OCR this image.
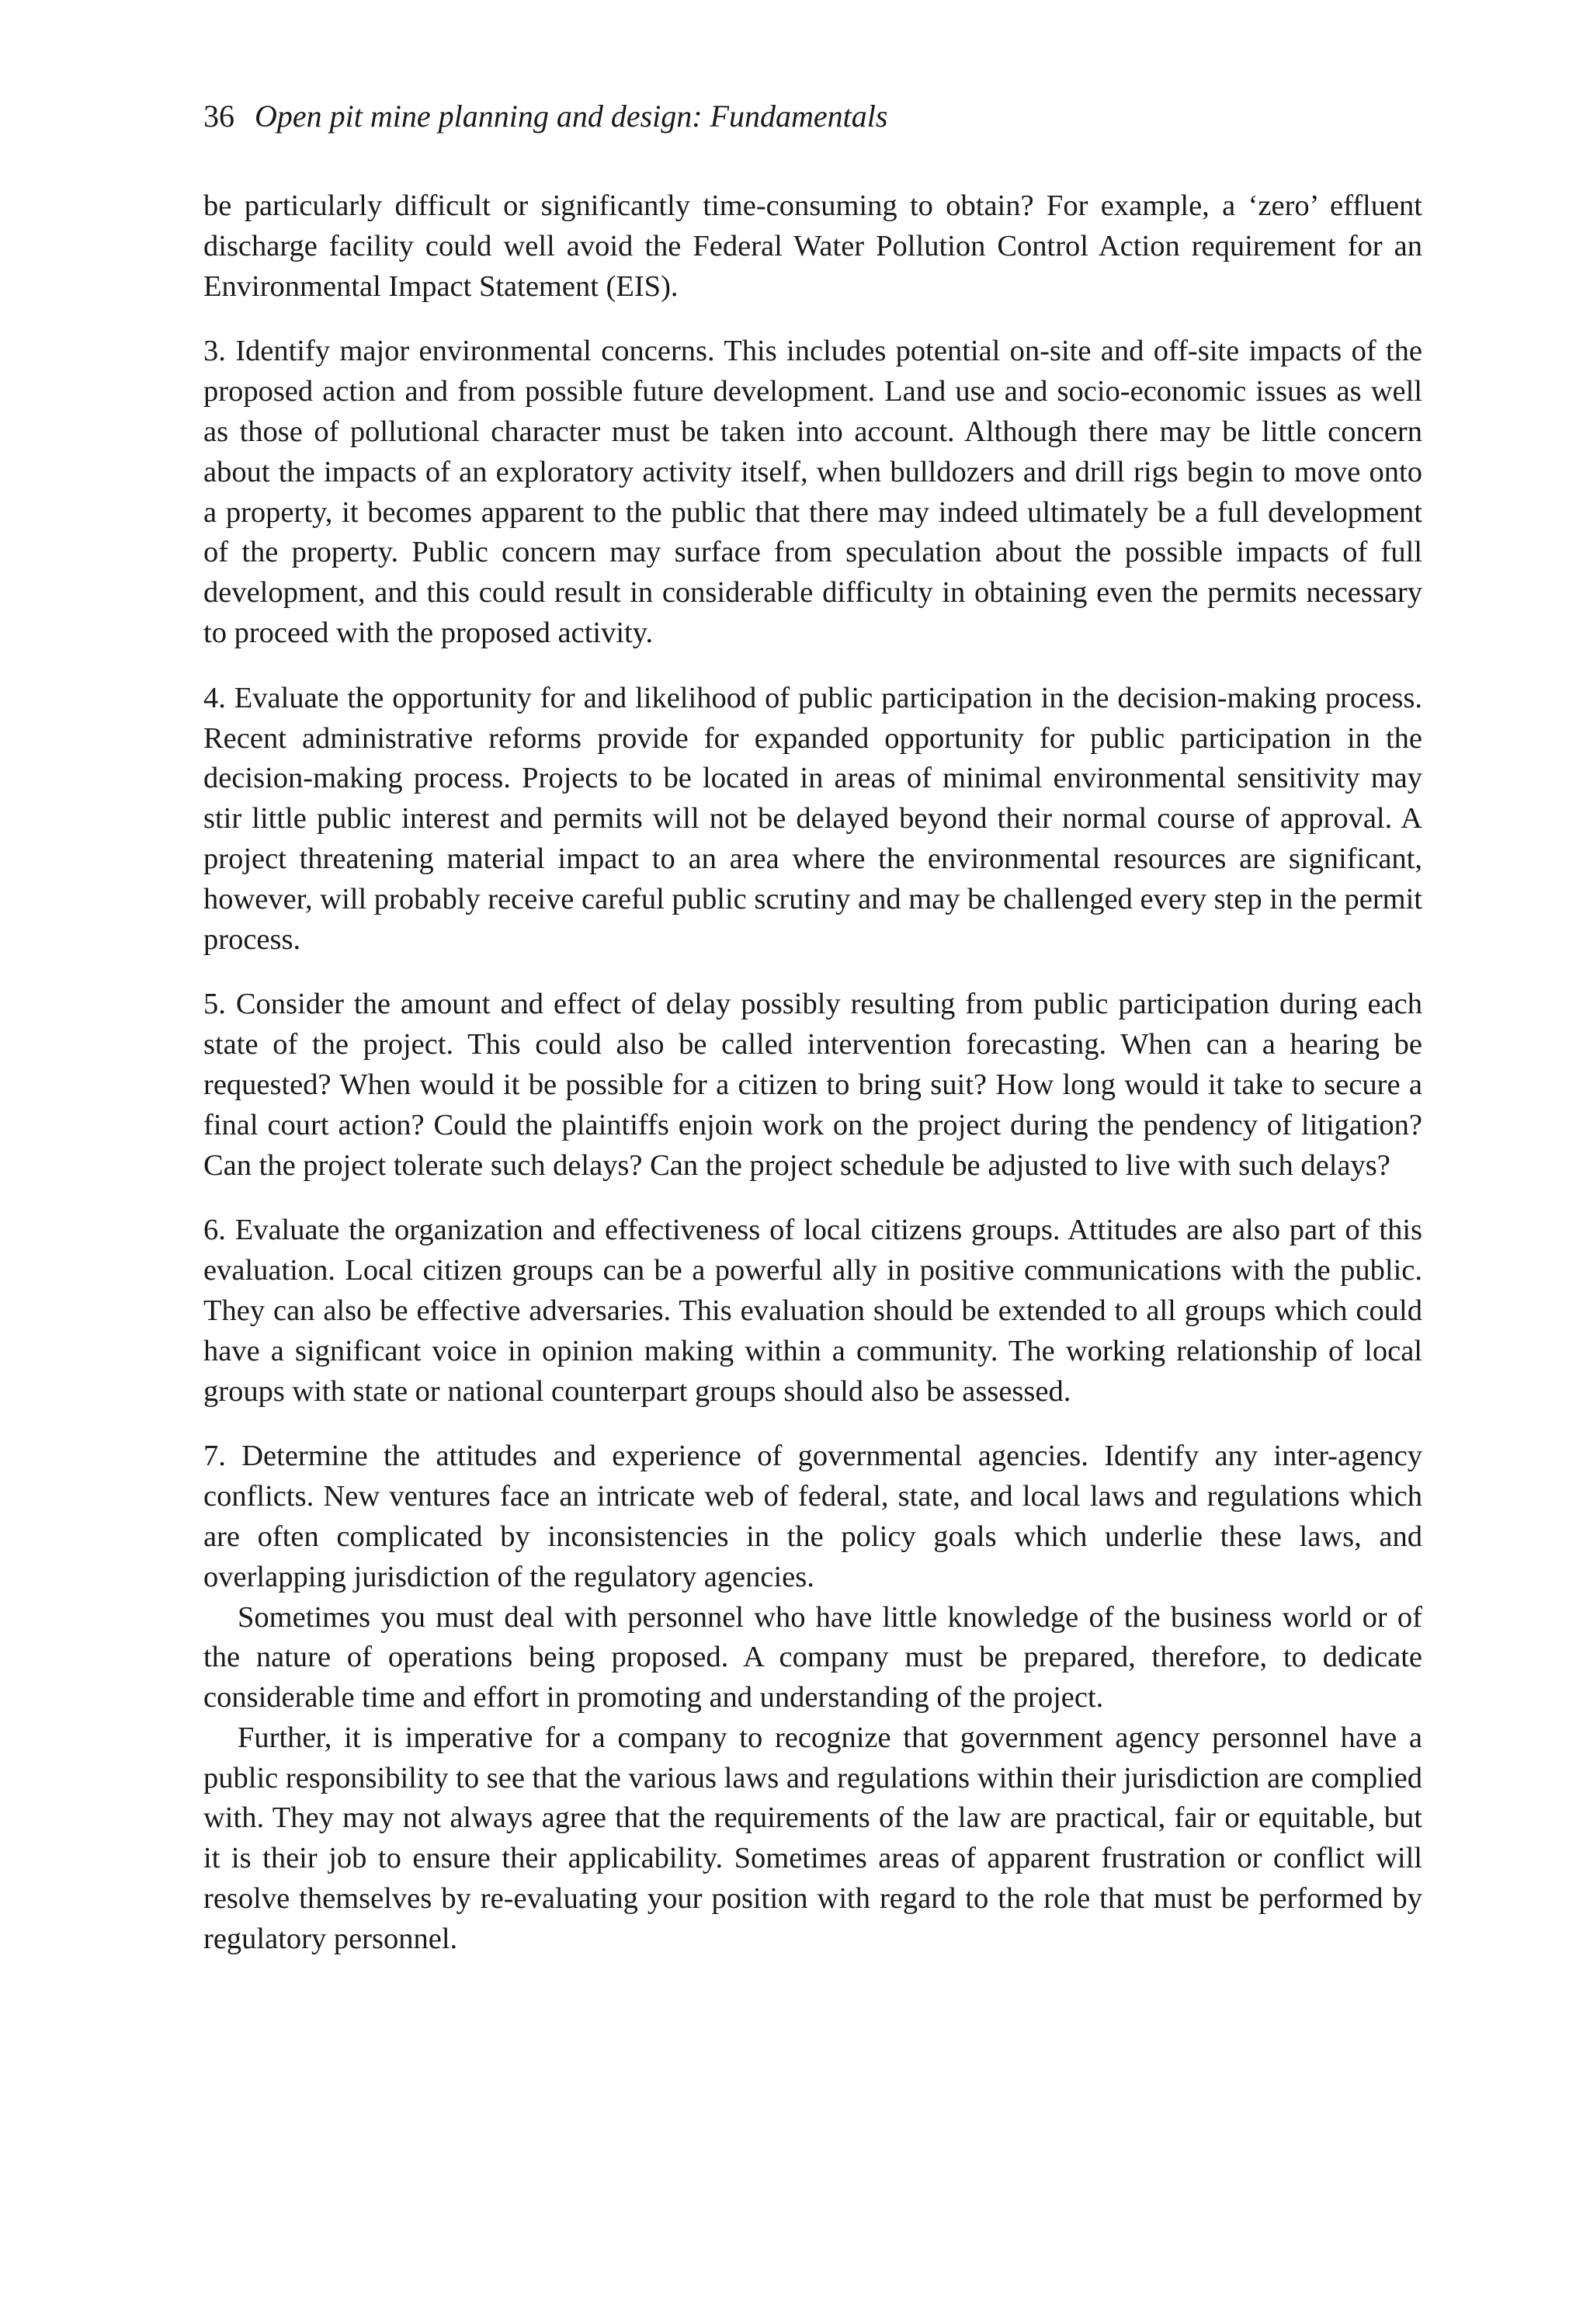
36 Open pit mine planning and design: Fundamentals

be particularly difficult or significantly time-consuming to obtain? For example, a ‘zero’ effluent discharge facility could well avoid the Federal Water Pollution Control Action requirement for an Environmental Impact Statement (EIS).

3. Identify major environmental concerns. This includes potential on-site and off-site impacts of the proposed action and from possible future development. Land use and socio-economic issues as well as those of pollutional character must be taken into account. Although there may be little concern about the impacts of an exploratory activity itself, when bulldozers and drill rigs begin to move onto a property, it becomes apparent to the public that there may indeed ultimately be a full development of the property. Public concern may surface from speculation about the possible impacts of full development, and this could result in considerable difficulty in obtaining even the permits necessary to proceed with the proposed activity.

4. Evaluate the opportunity for and likelihood of public participation in the decision-making process. Recent administrative reforms provide for expanded opportunity for public participation in the decision-making process. Projects to be located in areas of minimal environmental sensitivity may stir little public interest and permits will not be delayed beyond their normal course of approval. A project threatening material impact to an area where the environmental resources are significant, however, will probably receive careful public scrutiny and may be challenged every step in the permit process.

5. Consider the amount and effect of delay possibly resulting from public participation during each state of the project. This could also be called intervention forecasting. When can a hearing be requested? When would it be possible for a citizen to bring suit? How long would it take to secure a final court action? Could the plaintiffs enjoin work on the project during the pendency of litigation? Can the project tolerate such delays? Can the project schedule be adjusted to live with such delays?

6. Evaluate the organization and effectiveness of local citizens groups. Attitudes are also part of this evaluation. Local citizen groups can be a powerful ally in positive communications with the public. They can also be effective adversaries. This evaluation should be extended to all groups which could have a significant voice in opinion making within a community. The working relationship of local groups with state or national counterpart groups should also be assessed.

7. Determine the attitudes and experience of governmental agencies. Identify any inter-agency conflicts. New ventures face an intricate web of federal, state, and local laws and regulations which are often complicated by inconsistencies in the policy goals which underlie these laws, and overlapping jurisdiction of the regulatory agencies.

Sometimes you must deal with personnel who have little knowledge of the business world or of the nature of operations being proposed. A company must be prepared, therefore, to dedicate considerable time and effort in promoting and understanding of the project.

Further, it is imperative for a company to recognize that government agency personnel have a public responsibility to see that the various laws and regulations within their jurisdiction are complied with. They may not always agree that the requirements of the law are practical, fair or equitable, but it is their job to ensure their applicability. Sometimes areas of apparent frustration or conflict will resolve themselves by re-evaluating your position with regard to the role that must be performed by regulatory personnel.
